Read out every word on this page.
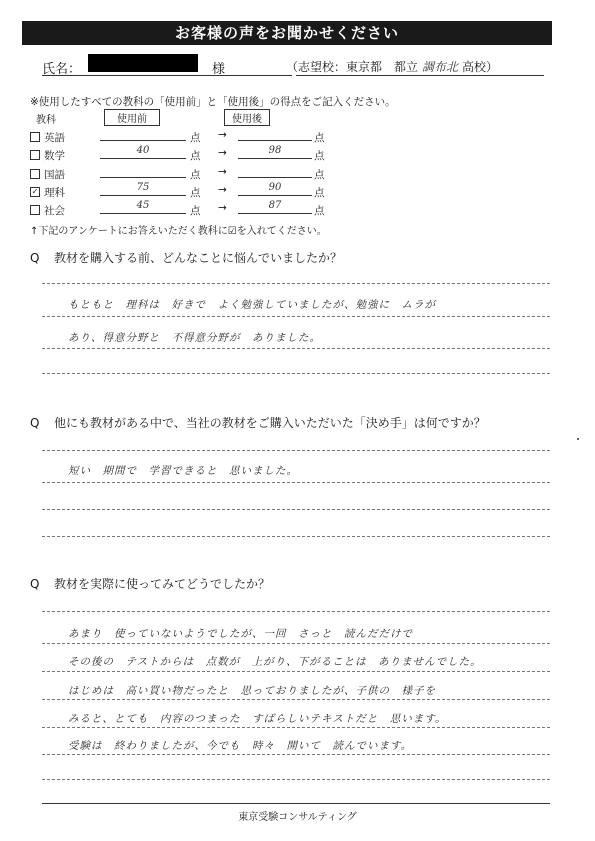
お客様の声をお聞かせください
氏名：	様	（志望校：東京都　都立 調布北 高校）
※使用したすべての教科の「使用前」と「使用後」の得点をご記入ください。
教科	使用前	使用後
英語	点 →	点
数学	40	点 →	98	点
国語	点 →	点
✓ 理科	75	点 →	90	点
社会	45	点 →	87	点
↑下記のアンケートにお答えいただく教科に☑を入れてください。
Q 教材を購入する前、どんなことに悩んでいましたか？
もともと　理科は　好きで　よく勉強していましたが、勉強に　ムラが
あり、得意分野と　不得意分野が　ありました。
Q 他にも教材がある中で、当社の教材をご購入いただいた「決め手」は何ですか？
短い　期間で　学習できると　思いました。
Q 教材を実際に使ってみてどうでしたか？
あまり　使っていないようでしたが、一回　さっと　読んだだけで
その後の　テストからは　点数が　上がり、下がることは　ありませんでした。
はじめは　高い買い物だったと　思っておりましたが、子供の　様子を
みると、とても　内容のつまった　すばらしいテキストだと　思います。
受験は　終わりましたが、今でも　時々　開いて　読んでいます。
東京受験コンサルティング
